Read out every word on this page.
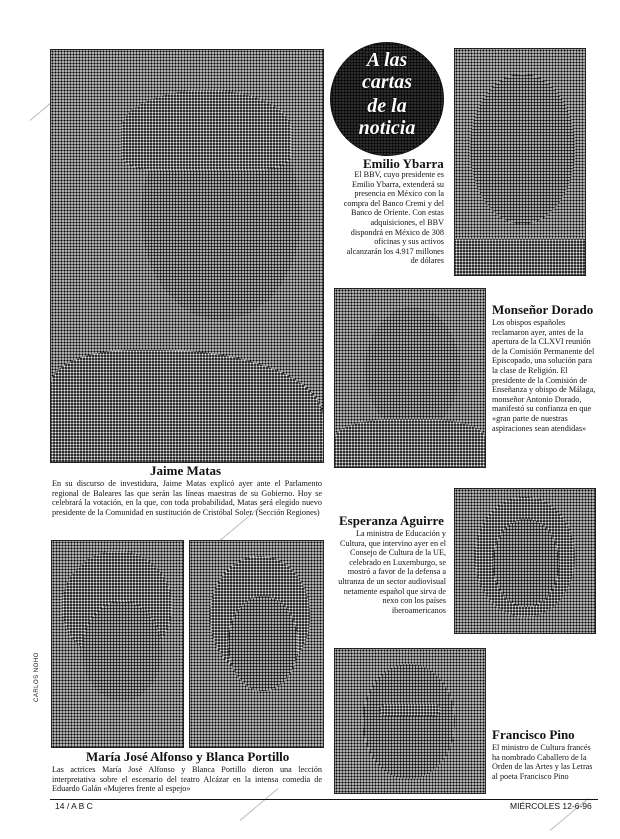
Jaime Matas

En su discurso de investidura, Jaime Matas explicó ayer ante el Parlamento regional de Baleares las que serán las líneas maestras de su Gobierno. Hoy se celebrará la votación, en la que, con toda probabilidad, Matas será elegido nuevo presidente de la Comunidad en sustitución de Cristóbal Soler. (Sección Regiones)

A las
cartas
de la
noticia
Emilio Ybarra

El BBV, cuyo presidente es Emilio Ybarra, extenderá su presencia en México con la compra del Banco Cremi y del Banco de Oriente. Con estas adquisiciones, el BBV dispondrá en México de 308 oficinas y sus activos alcanzarán los 4.917 millones de dólares

Monseñor Dorado

Los obispos españoles reclamaron ayer, antes de la apertura de la CLXVI reunión de la Comisión Permanente del Episcopado, una solución para la clase de Religión. El presidente de la Comisión de Enseñanza y obispo de Málaga, monseñor Antonio Dorado, manifestó su confianza en que «gran parte de nuestras aspiraciones sean atendidas»

Esperanza Aguirre

La ministra de Educación y Cultura, que intervino ayer en el Consejo de Cultura de la UE, celebrado en Luxemburgo, se mostró a favor de la defensa a ultranza de un sector audiovisual netamente español que sirva de nexo con los países iberoamericanos

CARLOS NOHO
María José Alfonso y Blanca Portillo

Las actrices María José Alfonso y Blanca Portillo dieron una lección interpretativa sobre el escenario del teatro Alcázar en la intensa comedia de Eduardo Galán «Mujeres frente al espejo»

Francisco Pino

El ministro de Cultura francés ha nombrado Caballero de la Orden de las Artes y las Letras al poeta Francisco Pino

14 / A B C	MIÉRCOLES 12-6-96
